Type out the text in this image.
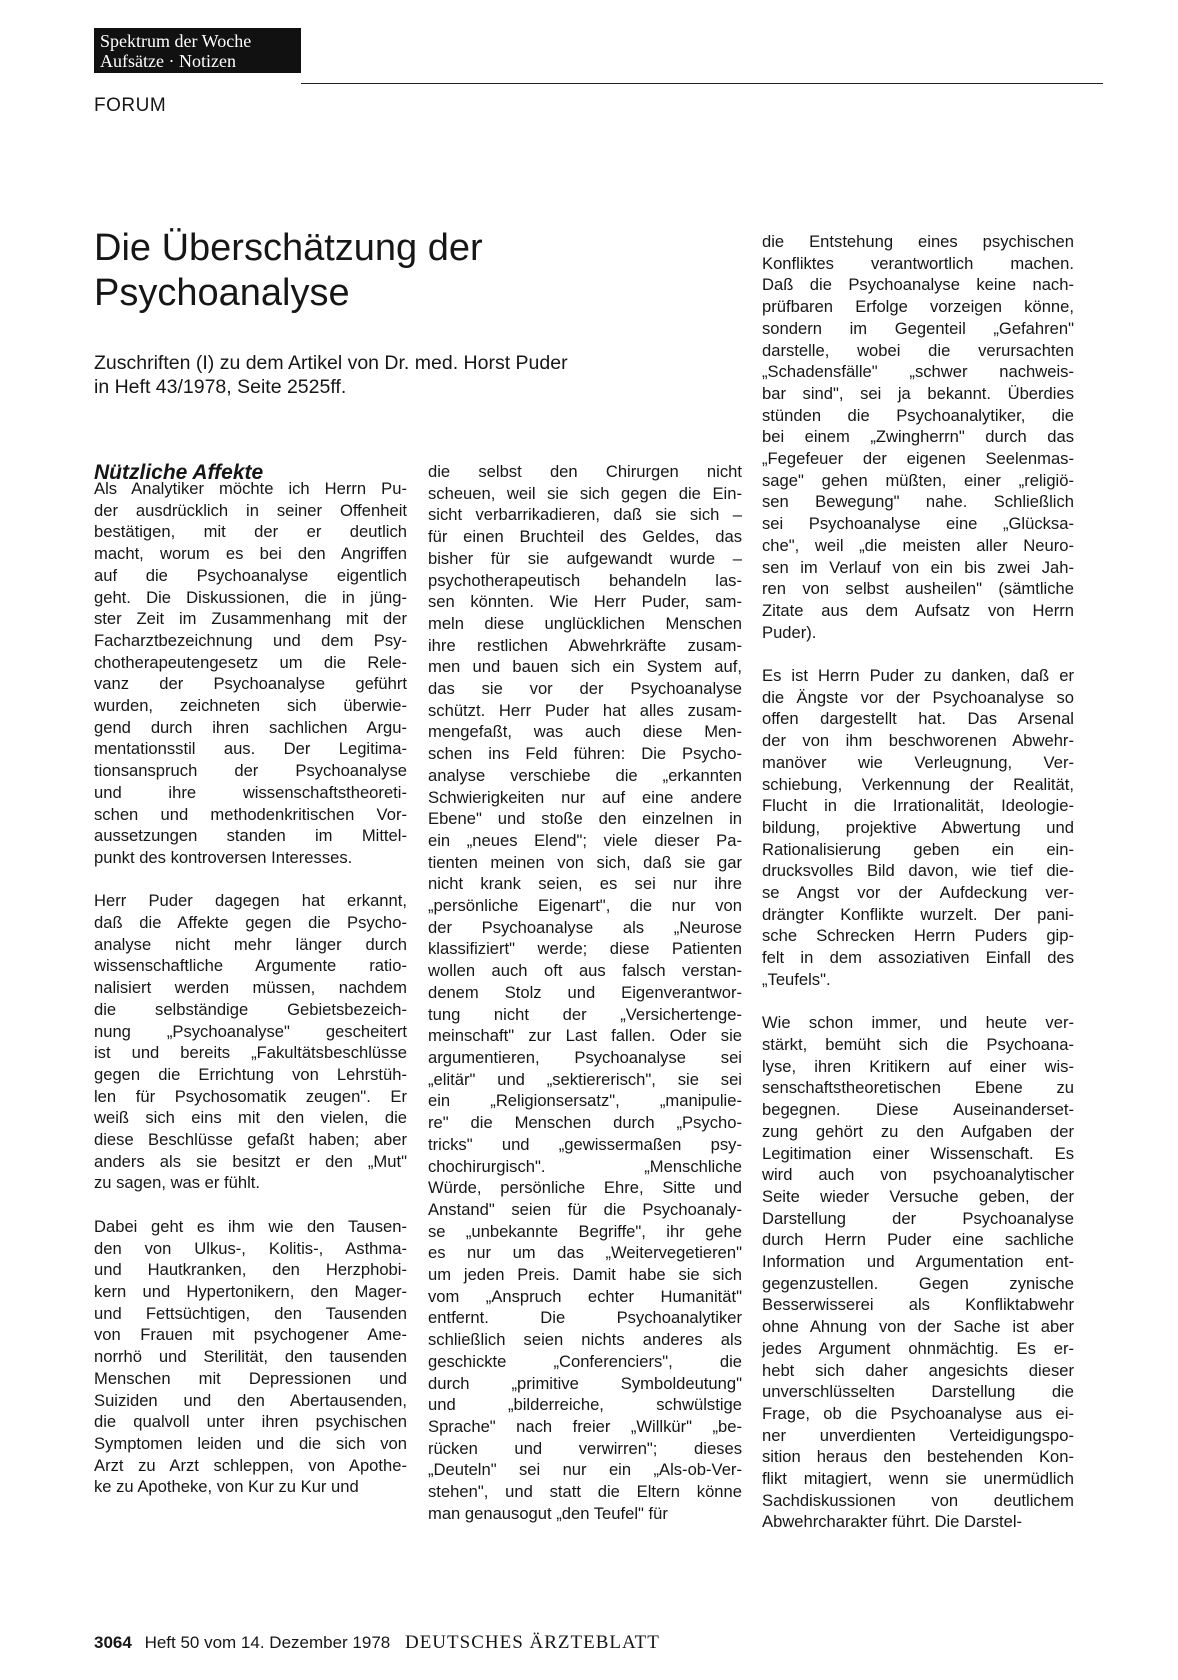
Spektrum der Woche
Aufsätze · Notizen
FORUM
Die Überschätzung der
Psychoanalyse
Zuschriften (I) zu dem Artikel von Dr. med. Horst Puder
in Heft 43/1978, Seite 2525ff.
Nützliche Affekte

Als Analytiker möchte ich Herrn Pu-
der ausdrücklich in seiner Offenheit
bestätigen, mit der er deutlich
macht, worum es bei den Angriffen
auf die Psychoanalyse eigentlich
geht. Die Diskussionen, die in jüng-
ster Zeit im Zusammenhang mit der
Facharztbezeichnung und dem Psy-
chotherapeutengesetz um die Rele-
vanz der Psychoanalyse geführt
wurden, zeichneten sich überwie-
gend durch ihren sachlichen Argu-
mentationsstil aus. Der Legitima-
tionsanspruch der Psychoanalyse
und ihre wissenschaftstheoreti-
schen und methodenkritischen Vor-
aussetzungen standen im Mittel-
punkt des kontroversen Interesses.

Herr Puder dagegen hat erkannt,
daß die Affekte gegen die Psycho-
analyse nicht mehr länger durch
wissenschaftliche Argumente ratio-
nalisiert werden müssen, nachdem
die selbständige Gebietsbezeich-
nung „Psychoanalyse" gescheitert
ist und bereits „Fakultätsbeschlüsse
gegen die Errichtung von Lehrstüh-
len für Psychosomatik zeugen". Er
weiß sich eins mit den vielen, die
diese Beschlüsse gefaßt haben; aber
anders als sie besitzt er den „Mut"
zu sagen, was er fühlt.

Dabei geht es ihm wie den Tausen-
den von Ulkus-, Kolitis-, Asthma-
und Hautkranken, den Herzphobi-
kern und Hypertonikern, den Mager-
und Fettsüchtigen, den Tausenden
von Frauen mit psychogener Ame-
norrhö und Sterilität, den tausenden
Menschen mit Depressionen und
Suiziden und den Abertausenden,
die qualvoll unter ihren psychischen
Symptomen leiden und die sich von
Arzt zu Arzt schleppen, von Apothe-
ke zu Apotheke, von Kur zu Kur und

die selbst den Chirurgen nicht
scheuen, weil sie sich gegen die Ein-
sicht verbarrikadieren, daß sie sich –
für einen Bruchteil des Geldes, das
bisher für sie aufgewandt wurde –
psychotherapeutisch behandeln las-
sen könnten. Wie Herr Puder, sam-
meln diese unglücklichen Menschen
ihre restlichen Abwehrkräfte zusam-
men und bauen sich ein System auf,
das sie vor der Psychoanalyse
schützt. Herr Puder hat alles zusam-
mengefaßt, was auch diese Men-
schen ins Feld führen: Die Psycho-
analyse verschiebe die „erkannten
Schwierigkeiten nur auf eine andere
Ebene" und stoße den einzelnen in
ein „neues Elend"; viele dieser Pa-
tienten meinen von sich, daß sie gar
nicht krank seien, es sei nur ihre
„persönliche Eigenart", die nur von
der Psychoanalyse als „Neurose
klassifiziert" werde; diese Patienten
wollen auch oft aus falsch verstan-
denem Stolz und Eigenverantwor-
tung nicht der „Versichertenge-
meinschaft" zur Last fallen. Oder sie
argumentieren, Psychoanalyse sei
„elitär" und „sektiererisch", sie sei
ein „Religionsersatz", „manipulie-
re" die Menschen durch „Psycho-
tricks" und „gewissermaßen psy-
chochirurgisch". „Menschliche
Würde, persönliche Ehre, Sitte und
Anstand" seien für die Psychoanaly-
se „unbekannte Begriffe", ihr gehe
es nur um das „Weitervegetieren"
um jeden Preis. Damit habe sie sich
vom „Anspruch echter Humanität"
entfernt. Die Psychoanalytiker
schließlich seien nichts anderes als
geschickte „Conferenciers", die
durch „primitive Symboldeutung"
und „bilderreiche, schwülstige
Sprache" nach freier „Willkür" „be-
rücken und verwirren"; dieses
„Deuteln" sei nur ein „Als-ob-Ver-
stehen", und statt die Eltern könne
man genausogut „den Teufel" für

die Entstehung eines psychischen
Konfliktes verantwortlich machen.
Daß die Psychoanalyse keine nach-
prüfbaren Erfolge vorzeigen könne,
sondern im Gegenteil „Gefahren"
darstelle, wobei die verursachten
„Schadensfälle" „schwer nachweis-
bar sind", sei ja bekannt. Überdies
stünden die Psychoanalytiker, die
bei einem „Zwingherrn" durch das
„Fegefeuer der eigenen Seelenmas-
sage" gehen müßten, einer „religiö-
sen Bewegung" nahe. Schließlich
sei Psychoanalyse eine „Glücksa-
che", weil „die meisten aller Neuro-
sen im Verlauf von ein bis zwei Jah-
ren von selbst ausheilen" (sämtliche
Zitate aus dem Aufsatz von Herrn
Puder).

Es ist Herrn Puder zu danken, daß er
die Ängste vor der Psychoanalyse so
offen dargestellt hat. Das Arsenal
der von ihm beschworenen Abwehr-
manöver wie Verleugnung, Ver-
schiebung, Verkennung der Realität,
Flucht in die Irrationalität, Ideologie-
bildung, projektive Abwertung und
Rationalisierung geben ein ein-
drucksvolles Bild davon, wie tief die-
se Angst vor der Aufdeckung ver-
drängter Konflikte wurzelt. Der pani-
sche Schrecken Herrn Puders gip-
felt in dem assoziativen Einfall des
„Teufels".

Wie schon immer, und heute ver-
stärkt, bemüht sich die Psychoana-
lyse, ihren Kritikern auf einer wis-
senschaftstheoretischen Ebene zu
begegnen. Diese Auseinanderset-
zung gehört zu den Aufgaben der
Legitimation einer Wissenschaft. Es
wird auch von psychoanalytischer
Seite wieder Versuche geben, der
Darstellung der Psychoanalyse
durch Herrn Puder eine sachliche
Information und Argumentation ent-
gegenzustellen. Gegen zynische
Besserwisserei als Konfliktabwehr
ohne Ahnung von der Sache ist aber
jedes Argument ohnmächtig. Es er-
hebt sich daher angesichts dieser
unverschlüsselten Darstellung die
Frage, ob die Psychoanalyse aus ei-
ner unverdienten Verteidigungspo-
sition heraus den bestehenden Kon-
flikt mitagiert, wenn sie unermüdlich
Sachdiskussionen von deutlichem
Abwehrcharakter führt. Die Darstel-

3064 Heft 50 vom 14. Dezember 1978 DEUTSCHES ÄRZTEBLATT
